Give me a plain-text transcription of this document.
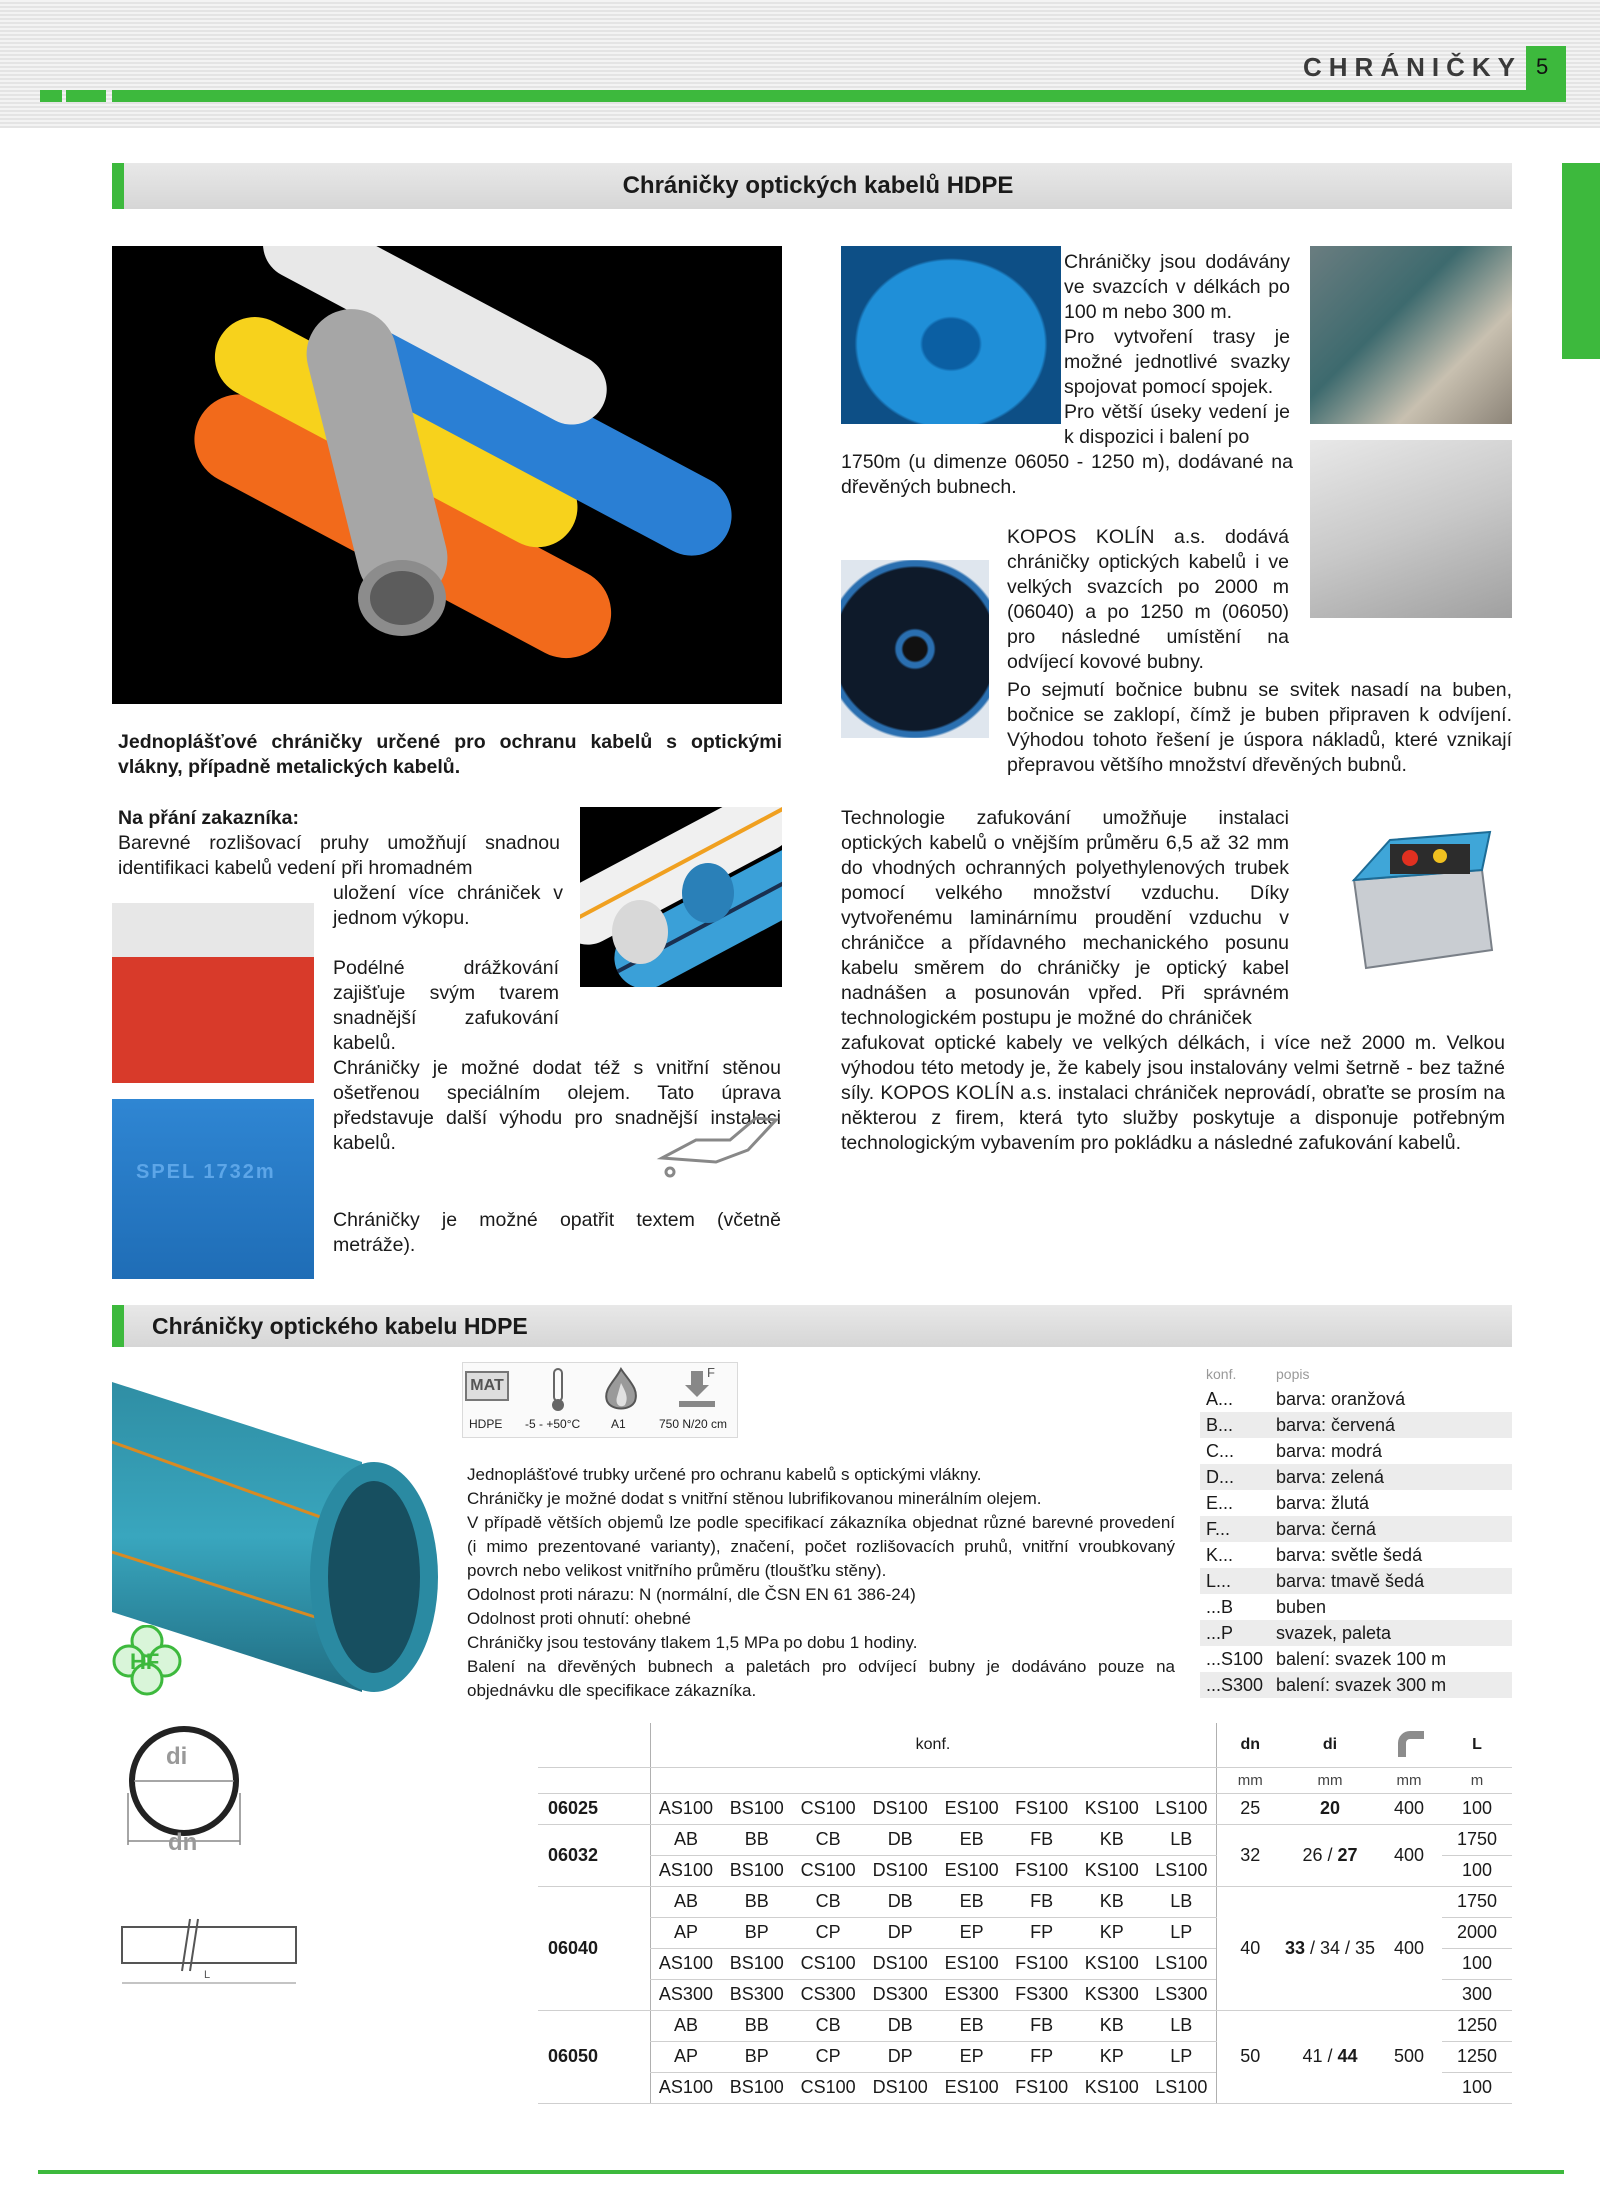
CHRÁNIČKY 5
Chráničky optických kabelů HDPE
Jednoplášťové chráničky určené pro ochranu kabelů s optickými vlákny, případně metalických kabelů.
Na přání zakazníka:
Barevné rozlišovací pruhy umožňují snadnou identifikaci kabelů vedení při hromadném
uložení více chrániček v jednom výkopu.
Podélné drážkování zajišťuje svým tvarem snadnější zafukování kabelů.
Chráničky je možné dodat též s vnitřní stěnou ošetřenou speciálním olejem. Tato úprava představuje další výhodu pro snadnější instalaci kabelů.
Chráničky je možné opatřit textem (včetně metráže).
SPEL 1732m
Chráničky jsou dodávány ve svazcích v délkách po 100 m nebo 300 m.
Pro vytvoření trasy je možné jednotlivé svazky spojovat pomocí spojek.
Pro větší úseky vedení je k dispozici i balení po
1750m (u dimenze 06050 - 1250 m), dodávané na dřevěných bubnech.
KOPOS KOLÍN a.s. dodává chráničky optických kabelů i ve velkých svazcích po 2000 m (06040) a po 1250 m (06050) pro následné umístění na odvíjecí kovové bubny.
Po sejmutí bočnice bubnu se svitek nasadí na buben, bočnice se zaklopí, čímž je buben připraven k odvíjení. Výhodou tohoto řešení je úspora nákladů, které vznikají přepravou většího množství dřevěných bubnů.
Technologie zafukování umožňuje instalaci optických kabelů o vnějším průměru 6,5 až 32 mm do vhodných ochranných polyethylenových trubek pomocí velkého množství vzduchu. Díky vytvořenému laminárnímu proudění vzduchu v chráničce a přídavného mechanického posunu kabelu směrem do chráničky je optický kabel nadnášen a posunován vpřed. Při správném technologickém postupu je možné do chrániček
zafukovat optické kabely ve velkých délkách, i více než 2000 m. Velkou výhodou této metody je, že kabely jsou instalovány velmi šetrně - bez tažné síly. KOPOS KOLÍN a.s. instalaci chrániček neprovádí, obraťte se prosím na některou z firem, která tyto služby poskytuje a disponuje potřebným technologickým vybavením pro pokládku a následné zafukování kabelů.
Chráničky optického kabelu HDPE
HF
MAT
F
HDPE -5 - +50°C	A1	750 N/20 cm
Jednoplášťové trubky určené pro ochranu kabelů s optickými vlákny.
Chráničky je možné dodat s vnitřní stěnou lubrifikovanou minerálním olejem.
V případě větších objemů lze podle specifikací zákazníka objednat různé barevné provedení (i mimo prezentované varianty), značení, počet rozlišovacích pruhů, vnitřní vroubkovaný povrch nebo velikost vnitřního průměru (tloušťku stěny).
Odolnost proti nárazu: N (normální, dle ČSN EN 61 386-24)
Odolnost proti ohnutí: ohebné
Chráničky jsou testovány tlakem 1,5 MPa po dobu 1 hodiny.
Balení na dřevěných bubnech a paletách pro odvíjecí bubny je dodáváno pouze na objednávku dle specifikace zákazníka.
konf.	popis
A...	barva: oranžová
B...	barva: červená
C...	barva: modrá
D...	barva: zelená
E...	barva: žlutá
F...	barva: černá
K...	barva: světle šedá
L...	barva: tmavě šedá
...B	buben
...P	svazek, paleta
...S100 balení: svazek 100 m
...S300 balení: svazek 300 m
di
dn
L
	konf.								dn	di		L
									mm	mm	mm	m
06025	AS100	BS100	CS100	DS100	ES100	FS100	KS100	LS100	25	20	400	100
06032	AB	BB	CB	DB	EB	FB	KB	LB	32	26 / 27	400	1750
	AS100	BS100	CS100	DS100	ES100	FS100	KS100	LS100				100
06040	AB	BB	CB	DB	EB	FB	KB	LB	40	33 / 34 / 35	400	1750
	AP	BP	CP	DP	EP	FP	KP	LP				2000
	AS100	BS100	CS100	DS100	ES100	FS100	KS100	LS100				100
	AS300	BS300	CS300	DS300	ES300	FS300	KS300	LS300				300
06050	AB	BB	CB	DB	EB	FB	KB	LB	50	41 / 44	500	1250
	AP	BP	CP	DP	EP	FP	KP	LP				1250
	AS100	BS100	CS100	DS100	ES100	FS100	KS100	LS100				100
